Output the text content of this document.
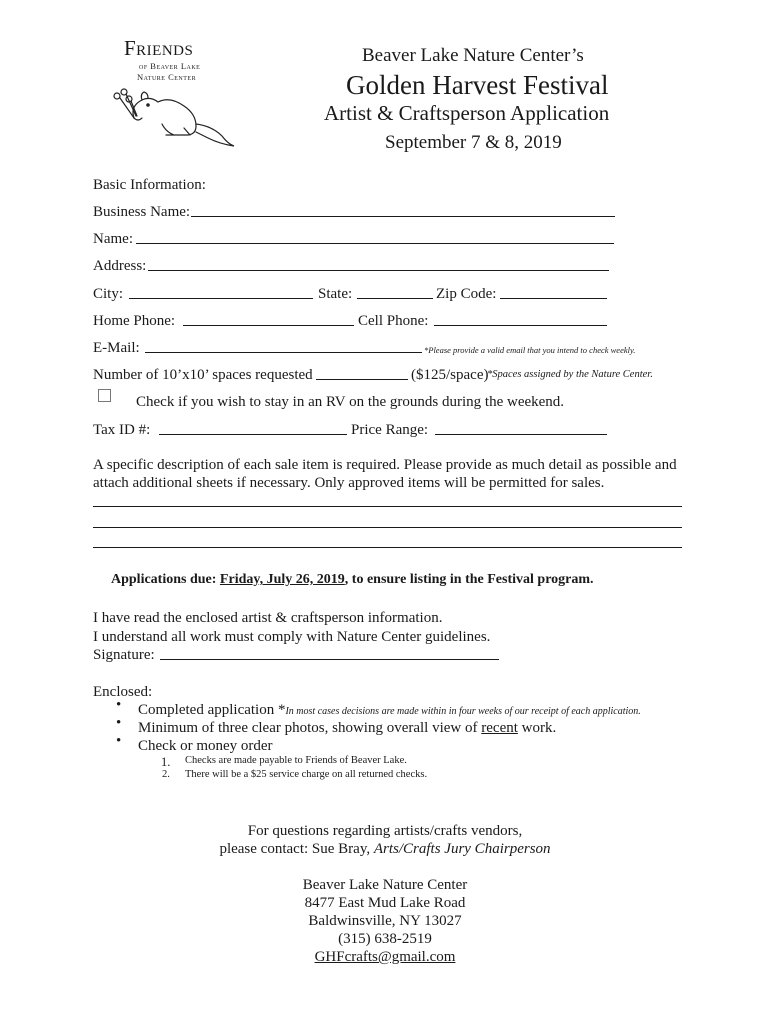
Friends
of Beaver Lake
Nature Center
Beaver Lake Nature Center’s
Golden Harvest Festival
Artist & Craftsperson Application
September 7 & 8, 2019
Basic Information:
Business Name:
Name:
Address:
City:	State:	Zip Code:
Home Phone:	Cell Phone:
E-Mail:	*Please provide a valid email that you intend to check weekly.
Number of 10’x10’ spaces requested	($125/space)
*Spaces assigned by the Nature Center.
Check if you wish to stay in an RV on the grounds during the weekend.
Tax ID #:	Price Range:
A specific description of each sale item is required. Please provide as much detail as possible and
attach additional sheets if necessary. Only approved items will be permitted for sales.
Applications due: Friday, July 26, 2019, to ensure listing in the Festival program.
I have read the enclosed artist & craftsperson information.
I understand all work must comply with Nature Center guidelines.
Signature:
Enclosed:
• Completed application *In most cases decisions are made within in four weeks of our receipt of each application.
• Minimum of three clear photos, showing overall view of recent work.
• Check or money order
1. Checks are made payable to Friends of Beaver Lake.
2. There will be a $25 service charge on all returned checks.
For questions regarding artists/crafts vendors,
please contact: Sue Bray, Arts/Crafts Jury Chairperson
Beaver Lake Nature Center
8477 East Mud Lake Road
Baldwinsville, NY 13027
(315) 638-2519
GHFcrafts@gmail.com
